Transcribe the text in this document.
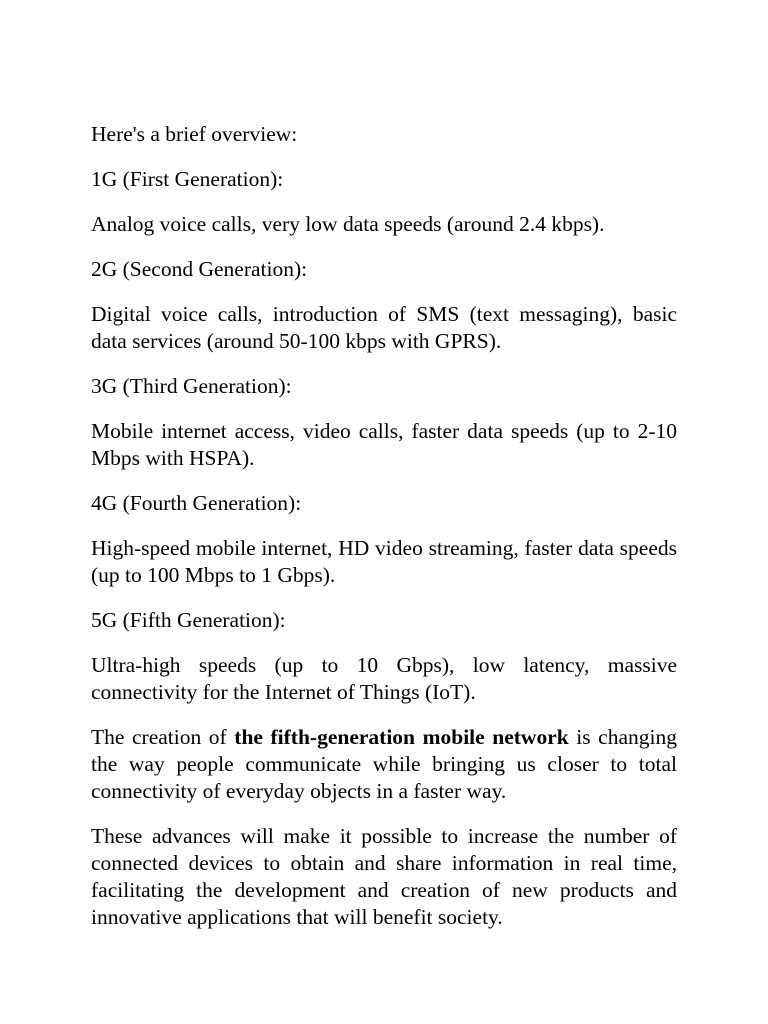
Here's a brief overview:

1G (First Generation):

Analog voice calls, very low data speeds (around 2.4 kbps).

2G (Second Generation):

Digital voice calls, introduction of SMS (text messaging), basic data services (around 50-100 kbps with GPRS).

3G (Third Generation):

Mobile internet access, video calls, faster data speeds (up to 2-10 Mbps with HSPA).

4G (Fourth Generation):

High-speed mobile internet, HD video streaming, faster data speeds (up to 100 Mbps to 1 Gbps).

5G (Fifth Generation):

Ultra-high speeds (up to 10 Gbps), low latency, massive connectivity for the Internet of Things (IoT).

The creation of the fifth-generation mobile network is changing the way people communicate while bringing us closer to total connectivity of everyday objects in a faster way.

These advances will make it possible to increase the number of connected devices to obtain and share information in real time, facilitating the development and creation of new products and innovative applications that will benefit society.
